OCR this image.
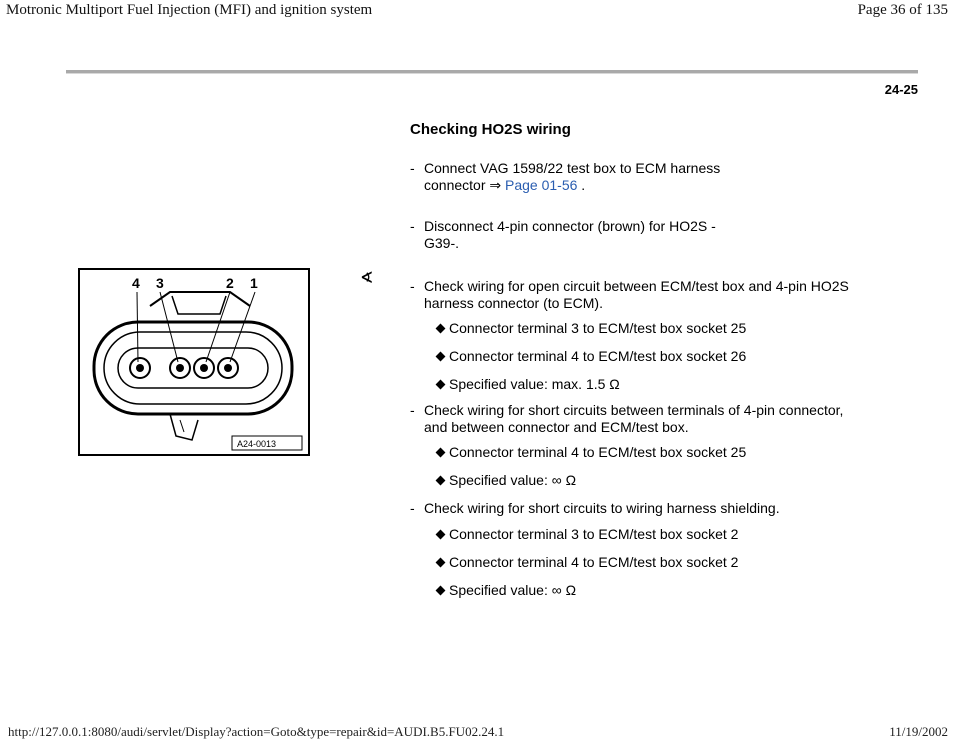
Motronic Multiport Fuel Injection (MFI) and ignition system	Page 36 of 135
24-25
Checking HO2S wiring
- Connect VAG 1598/22 test box to ECM harness
connector ⇒ Page 01-56 .
- Disconnect 4-pin connector (brown) for HO2S -
G39-.
4 3	2 1
A24-0013
∢	- Check wiring for open circuit between ECM/test box and 4-pin HO2S
harness connector (to ECM).
Connector terminal 3 to ECM/test box socket 25
Connector terminal 4 to ECM/test box socket 26
Specified value: max. 1.5 Ω
- Check wiring for short circuits between terminals of 4-pin connector,
and between connector and ECM/test box.
Connector terminal 4 to ECM/test box socket 25
Specified value: ∞ Ω
- Check wiring for short circuits to wiring harness shielding.
Connector terminal 3 to ECM/test box socket 2
Connector terminal 4 to ECM/test box socket 2
Specified value: ∞ Ω
http://127.0.0.1:8080/audi/servlet/Display?action=Goto&type=repair&id=AUDI.B5.FU02.24.1	11/19/2002
